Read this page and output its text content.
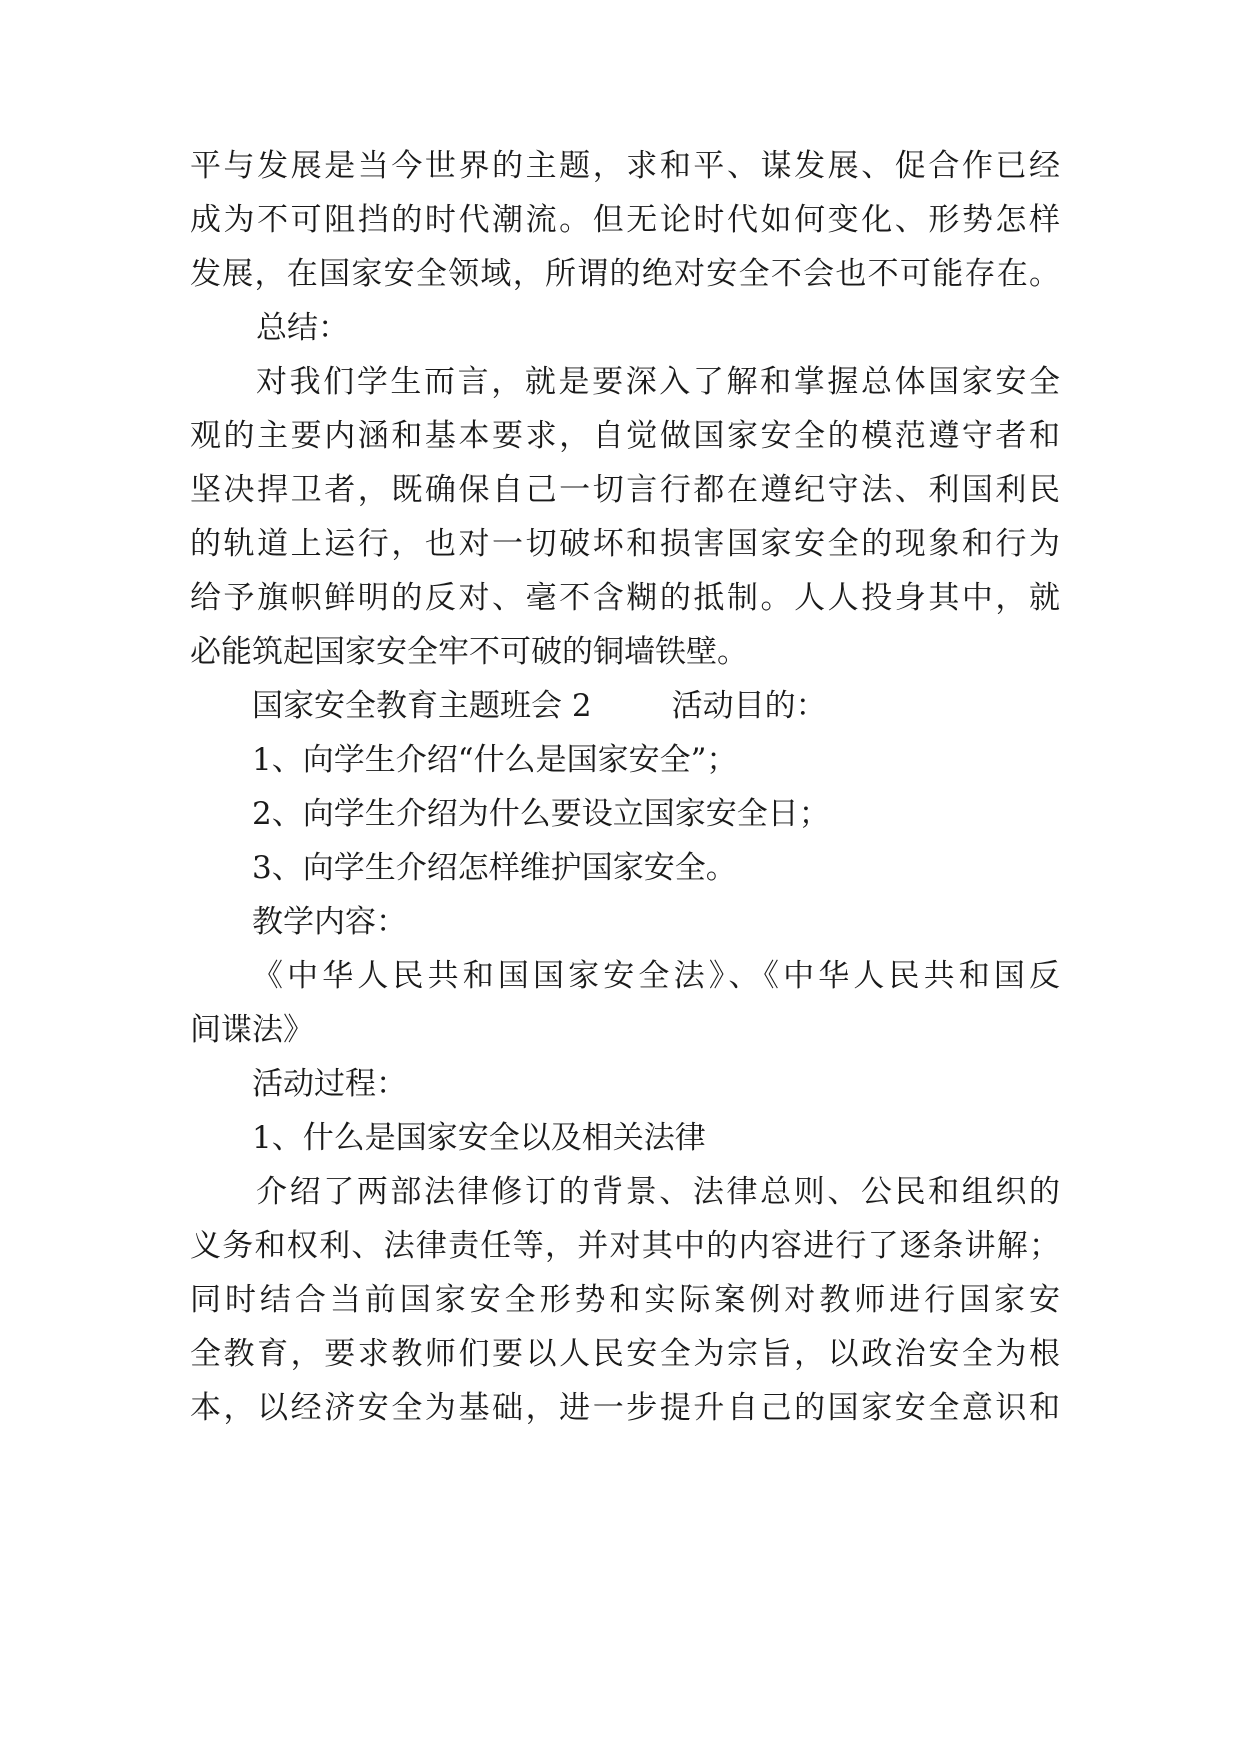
平与发展是当今世界的主题，求和平、谋发展、促合作已经
成为不可阻挡的时代潮流。但无论时代如何变化、形势怎样
发展，在国家安全领域，所谓的绝对安全不会也不可能存在。
总结：
对我们学生而言，就是要深入了解和掌握总体国家安全
观的主要内涵和基本要求，自觉做国家安全的模范遵守者和
坚决捍卫者，既确保自己一切言行都在遵纪守法、利国利民
的轨道上运行，也对一切破坏和损害国家安全的现象和行为
给予旗帜鲜明的反对、毫不含糊的抵制。人人投身其中，就
必能筑起国家安全牢不可破的铜墙铁壁。
国家安全教育主题班会 2	活动目的：
1、向学生介绍“什么是国家安全”；
2、向学生介绍为什么要设立国家安全日；
3、向学生介绍怎样维护国家安全。
教学内容：
《中华人民共和国国家安全法》、《中华人民共和国反
间谍法》
活动过程：
1、什么是国家安全以及相关法律
介绍了两部法律修订的背景、法律总则、公民和组织的
义务和权利、法律责任等，并对其中的内容进行了逐条讲解；
同时结合当前国家安全形势和实际案例对教师进行国家安
全教育，要求教师们要以人民安全为宗旨，以政治安全为根
本，以经济安全为基础，进一步提升自己的国家安全意识和
